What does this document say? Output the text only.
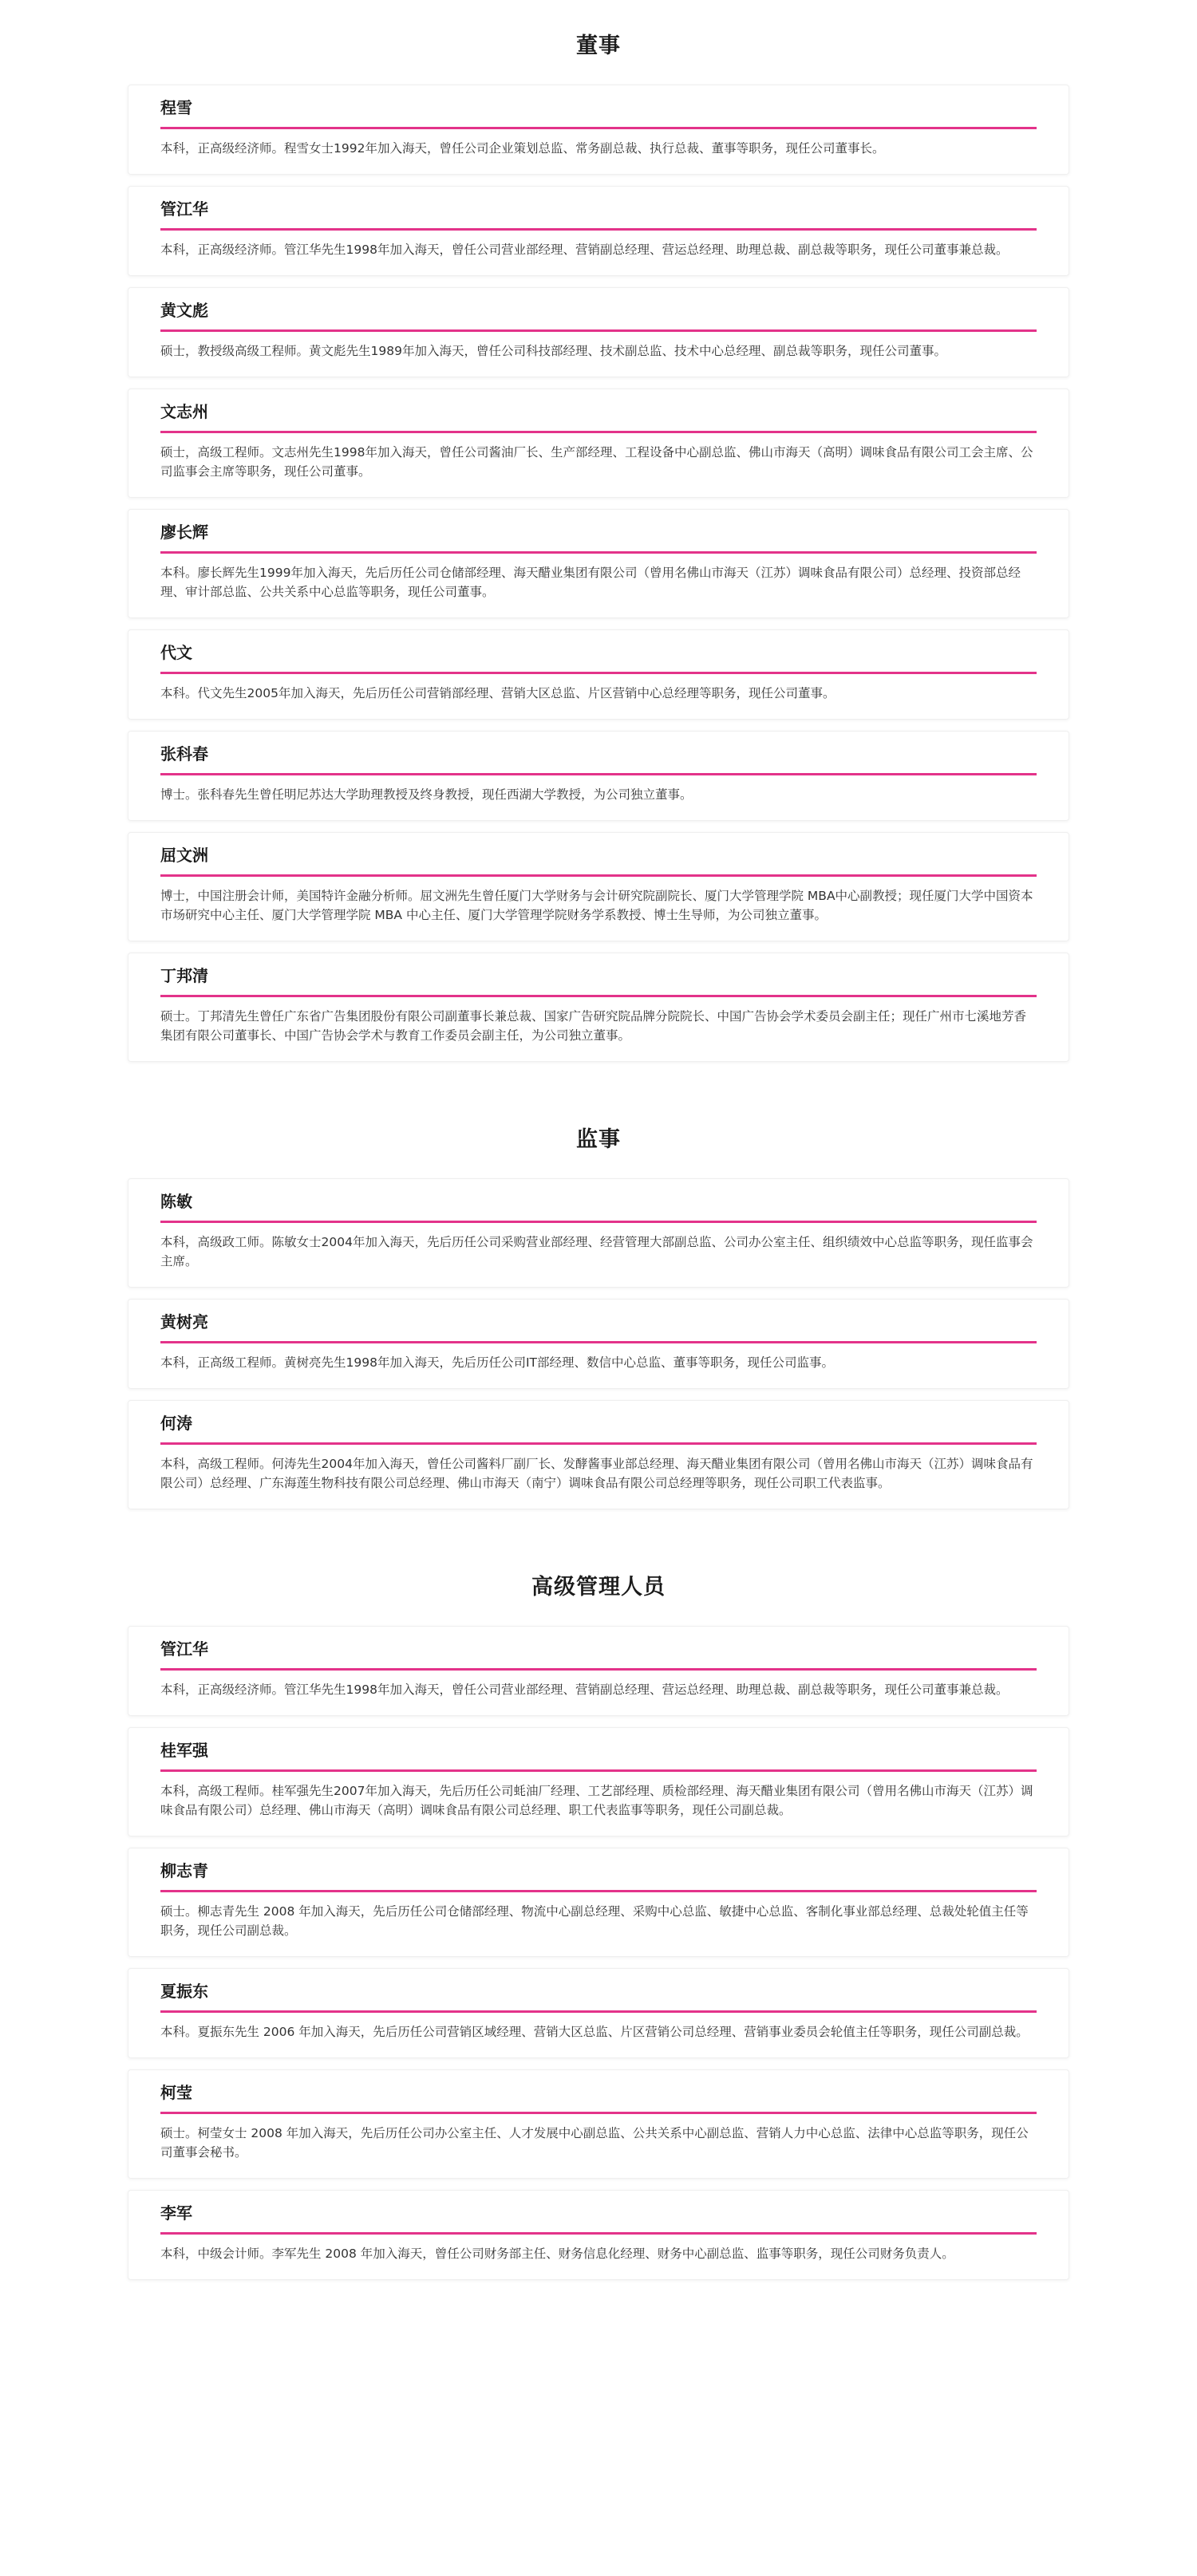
董事
程雪
本科，正高级经济师。程雪女士1992年加入海天，曾任公司企业策划总监、常务副总裁、执行总裁、董事等职务，现任公司董事长。
管江华
本科，正高级经济师。管江华先生1998年加入海天，曾任公司营业部经理、营销副总经理、营运总经理、助理总裁、副总裁等职务，现任公司董事兼总裁。
黄文彪
硕士，教授级高级工程师。黄文彪先生1989年加入海天，曾任公司科技部经理、技术副总监、技术中心总经理、副总裁等职务，现任公司董事。
文志州
硕士，高级工程师。文志州先生1998年加入海天，曾任公司酱油厂长、生产部经理、工程设备中心副总监、佛山市海天（高明）调味食品有限公司工会主席、公司监事会主席等职务，现任公司董事。
廖长辉
本科。廖长辉先生1999年加入海天，先后历任公司仓储部经理、海天醋业集团有限公司（曾用名佛山市海天（江苏）调味食品有限公司）总经理、投资部总经理、审计部总监、公共关系中心总监等职务，现任公司董事。
代文
本科。代文先生2005年加入海天，先后历任公司营销部经理、营销大区总监、片区营销中心总经理等职务，现任公司董事。
张科春
博士。张科春先生曾任明尼苏达大学助理教授及终身教授，现任西湖大学教授，为公司独立董事。
屈文洲
博士，中国注册会计师，美国特许金融分析师。屈文洲先生曾任厦门大学财务与会计研究院副院长、厦门大学管理学院 MBA中心副教授；现任厦门大学中国资本市场研究中心主任、厦门大学管理学院 MBA 中心主任、厦门大学管理学院财务学系教授、博士生导师，为公司独立董事。
丁邦清
硕士。丁邦清先生曾任广东省广告集团股份有限公司副董事长兼总裁、国家广告研究院品牌分院院长、中国广告协会学术委员会副主任；现任广州市七溪地芳香集团有限公司董事长、中国广告协会学术与教育工作委员会副主任，为公司独立董事。
监事
陈敏
本科，高级政工师。陈敏女士2004年加入海天，先后历任公司采购营业部经理、经营管理大部副总监、公司办公室主任、组织绩效中心总监等职务，现任监事会主席。
黄树亮
本科，正高级工程师。黄树亮先生1998年加入海天，先后历任公司IT部经理、数信中心总监、董事等职务，现任公司监事。
何涛
本科，高级工程师。何涛先生2004年加入海天，曾任公司酱料厂副厂长、发酵酱事业部总经理、海天醋业集团有限公司（曾用名佛山市海天（江苏）调味食品有限公司）总经理、广东海莲生物科技有限公司总经理、佛山市海天（南宁）调味食品有限公司总经理等职务，现任公司职工代表监事。
高级管理人员
管江华
本科，正高级经济师。管江华先生1998年加入海天，曾任公司营业部经理、营销副总经理、营运总经理、助理总裁、副总裁等职务，现任公司董事兼总裁。
桂军强
本科，高级工程师。桂军强先生2007年加入海天，先后历任公司蚝油厂经理、工艺部经理、质检部经理、海天醋业集团有限公司（曾用名佛山市海天（江苏）调味食品有限公司）总经理、佛山市海天（高明）调味食品有限公司总经理、职工代表监事等职务，现任公司副总裁。
柳志青
硕士。柳志青先生 2008 年加入海天，先后历任公司仓储部经理、物流中心副总经理、采购中心总监、敏捷中心总监、客制化事业部总经理、总裁处轮值主任等职务，现任公司副总裁。
夏振东
本科。夏振东先生 2006 年加入海天，先后历任公司营销区域经理、营销大区总监、片区营销公司总经理、营销事业委员会轮值主任等职务，现任公司副总裁。
柯莹
硕士。柯莹女士 2008 年加入海天，先后历任公司办公室主任、人才发展中心副总监、公共关系中心副总监、营销人力中心总监、法律中心总监等职务，现任公司董事会秘书。
李军
本科，中级会计师。李军先生 2008 年加入海天，曾任公司财务部主任、财务信息化经理、财务中心副总监、监事等职务，现任公司财务负责人。
